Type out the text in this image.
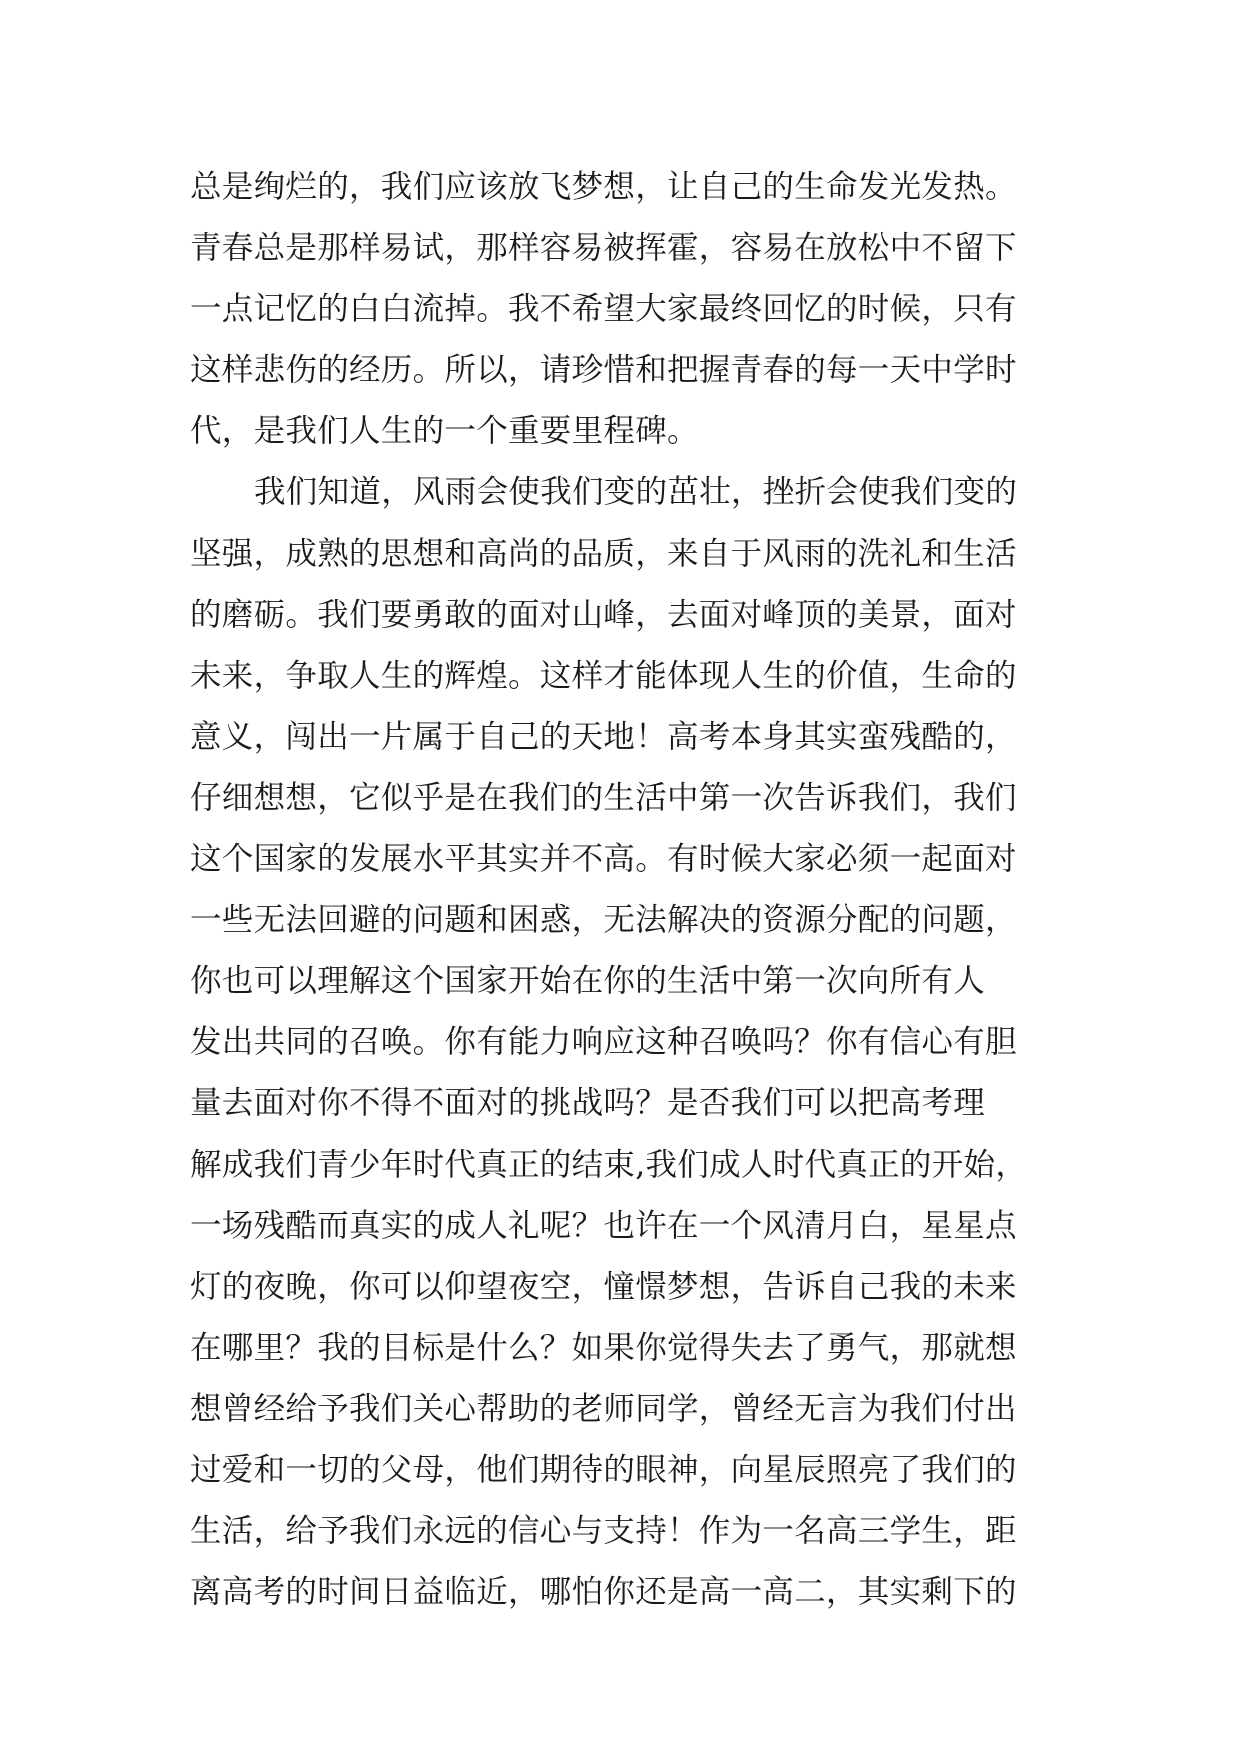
总是绚烂的，我们应该放飞梦想，让自己的生命发光发热。
青春总是那样易试，那样容易被挥霍，容易在放松中不留下
一点记忆的白白流掉。我不希望大家最终回忆的时候，只有
这样悲伤的经历。所以，请珍惜和把握青春的每一天中学时
代，是我们人生的一个重要里程碑。
我们知道，风雨会使我们变的茁壮，挫折会使我们变的
坚强，成熟的思想和高尚的品质，来自于风雨的洗礼和生活
的磨砺。我们要勇敢的面对山峰，去面对峰顶的美景，面对
未来，争取人生的辉煌。这样才能体现人生的价值，生命的
意义，闯出一片属于自己的天地！高考本身其实蛮残酷的，
仔细想想，它似乎是在我们的生活中第一次告诉我们，我们
这个国家的发展水平其实并不高。有时候大家必须一起面对
一些无法回避的问题和困惑，无法解决的资源分配的问题，
你也可以理解这个国家开始在你的生活中第一次向所有人
发出共同的召唤。你有能力响应这种召唤吗？你有信心有胆
量去面对你不得不面对的挑战吗？是否我们可以把高考理
解成我们青少年时代真正的结束,我们成人时代真正的开始，
一场残酷而真实的成人礼呢？也许在一个风清月白，星星点
灯的夜晚，你可以仰望夜空，憧憬梦想，告诉自己我的未来
在哪里？我的目标是什么？如果你觉得失去了勇气，那就想
想曾经给予我们关心帮助的老师同学，曾经无言为我们付出
过爱和一切的父母，他们期待的眼神，向星辰照亮了我们的
生活，给予我们永远的信心与支持！作为一名高三学生，距
离高考的时间日益临近，哪怕你还是高一高二，其实剩下的
